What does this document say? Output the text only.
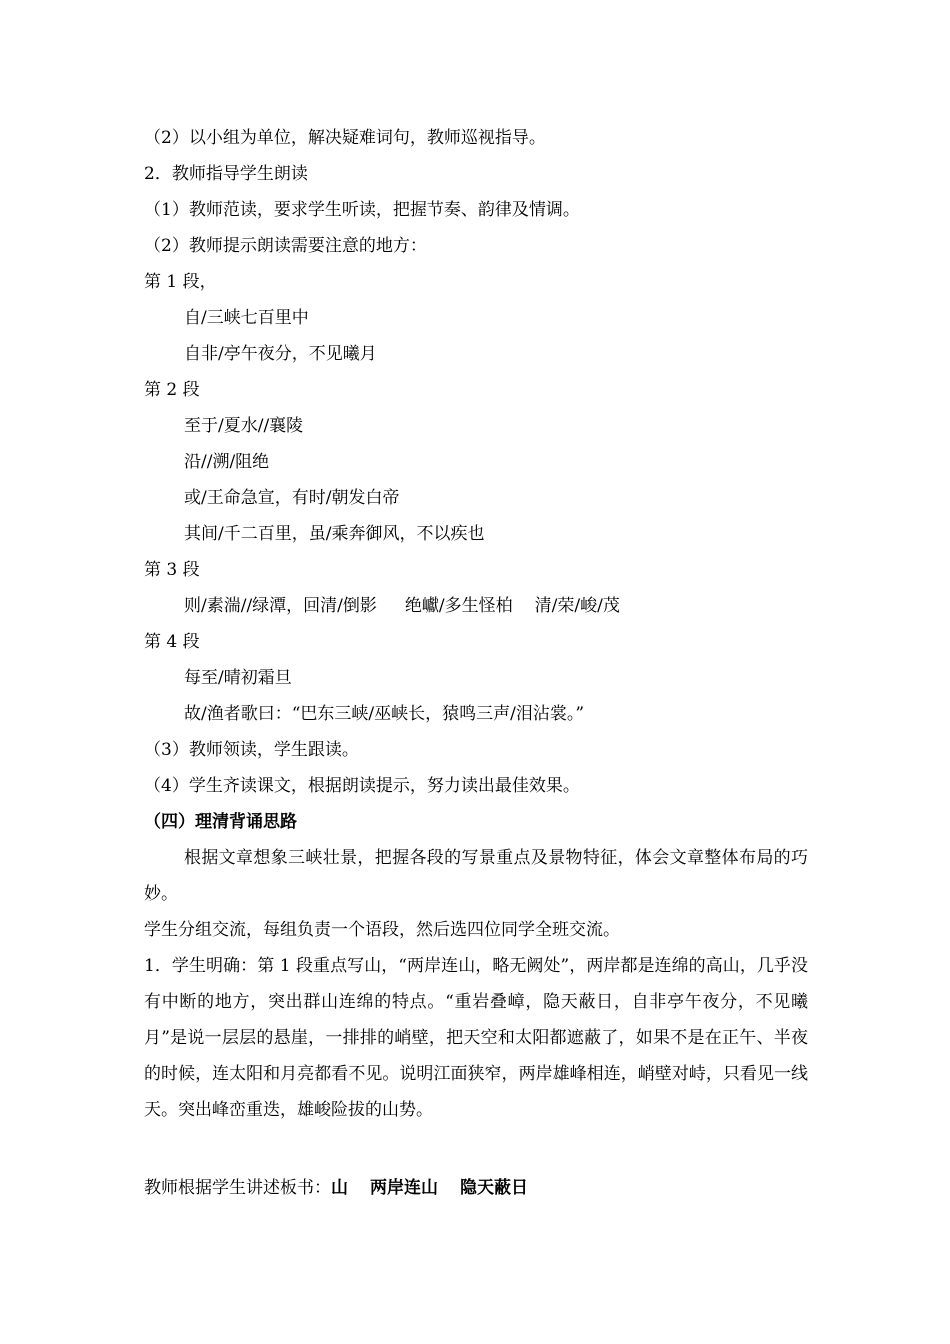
（2）以小组为单位，解决疑难词句，教师巡视指导。
2．教师指导学生朗读
（1）教师范读，要求学生听读，把握节奏、韵律及情调。
（2）教师提示朗读需要注意的地方：
第 1 段，
自/三峡七百里中
自非/亭午夜分，不见曦月
第 2 段
至于/夏水//襄陵
沿//溯/阻绝
或/王命急宣，有时/朝发白帝
其间/千二百里，虽/乘奔御风，不以疾也
第 3 段
则/素湍//绿潭，回清/倒影 绝巘/多生怪柏 清/荣/峻/茂
第 4 段
每至/晴初霜旦
故/渔者歌曰：“巴东三峡/巫峡长，猿鸣三声/泪沾裳。”
（3）教师领读，学生跟读。
（4）学生齐读课文，根据朗读提示，努力读出最佳效果。
（四）理清背诵思路
根据文章想象三峡壮景，把握各段的写景重点及景物特征，体会文章整体布局的巧妙。
学生分组交流，每组负责一个语段，然后选四位同学全班交流。
1．学生明确：第 1 段重点写山，“两岸连山，略无阙处”，两岸都是连绵的高山，几乎没有中断的地方，突出群山连绵的特点。“重岩叠嶂，隐天蔽日，自非亭午夜分，不见曦月”是说一层层的悬崖，一排排的峭壁，把天空和太阳都遮蔽了，如果不是在正午、半夜的时候，连太阳和月亮都看不见。说明江面狭窄，两岸雄峰相连，峭壁对峙，只看见一线天。突出峰峦重迭，雄峻险拔的山势。
教师根据学生讲述板书：山 两岸连山 隐天蔽日
